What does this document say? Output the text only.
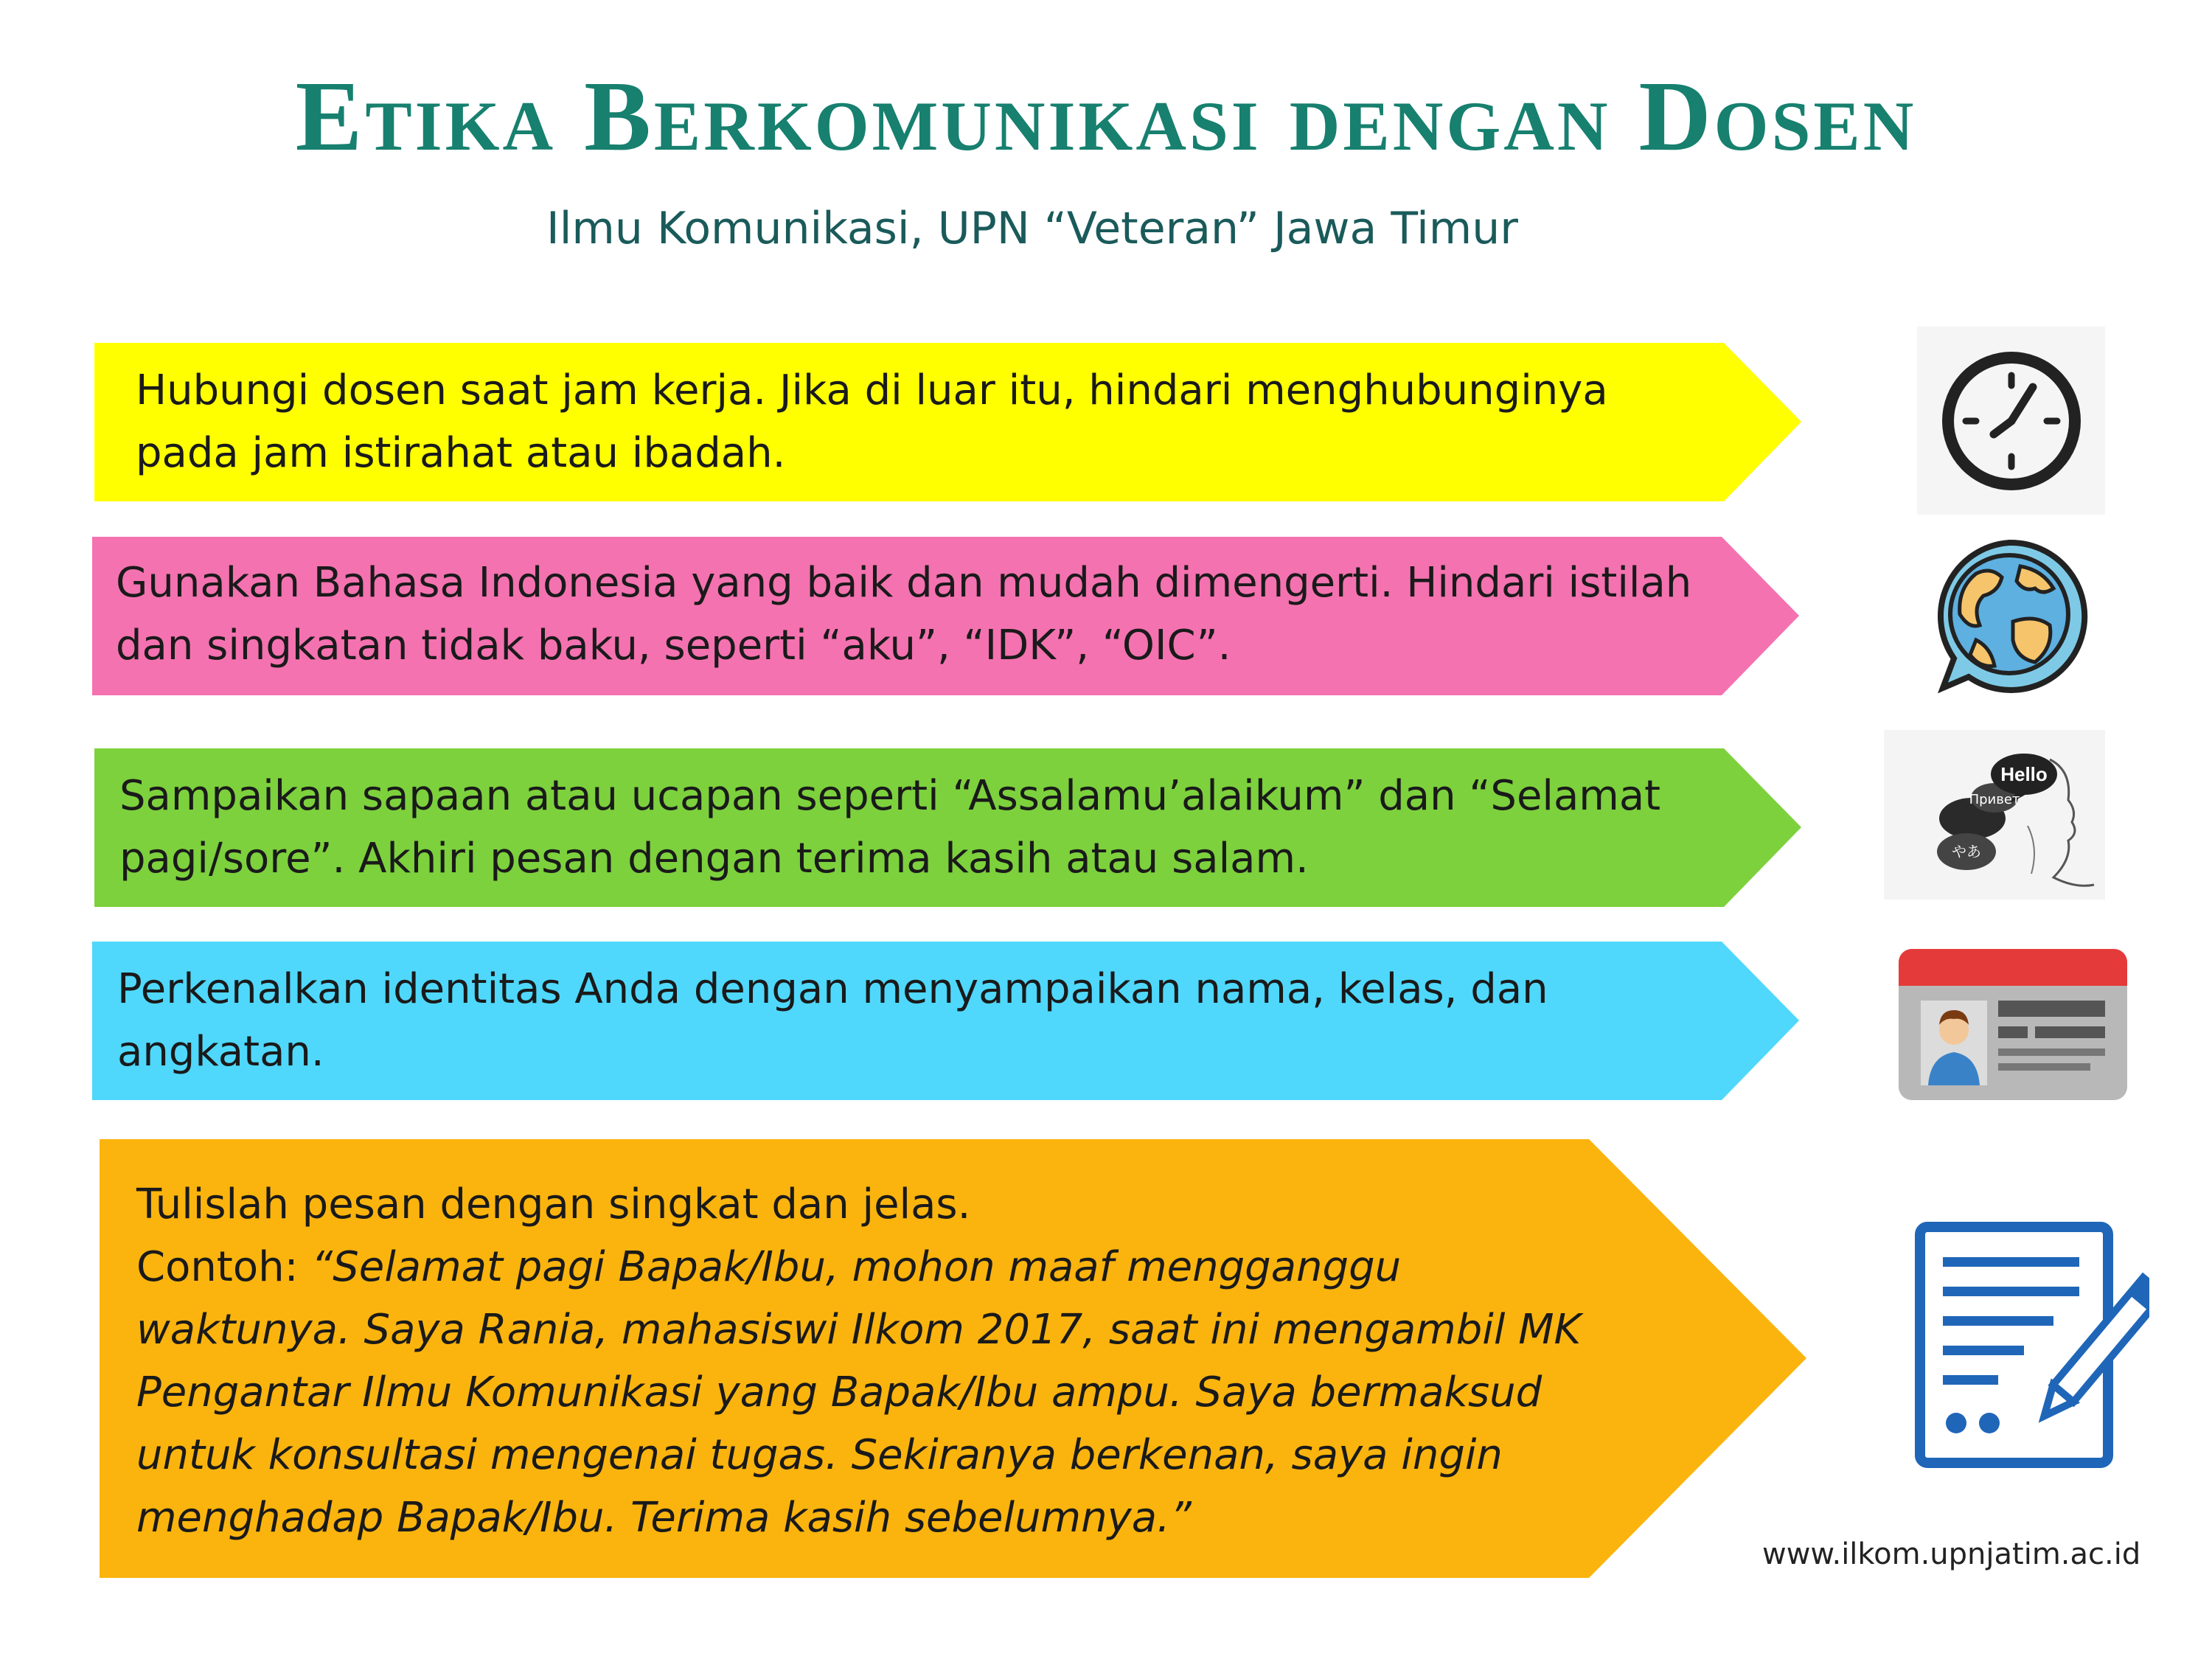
Etika Berkomunikasi dengan Dosen
Ilmu Komunikasi, UPN “Veteran” Jawa Timur
Hubungi dosen saat jam kerja. Jika di luar itu, hindari menghubunginya pada jam istirahat atau ibadah.
Gunakan Bahasa Indonesia yang baik dan mudah dimengerti. Hindari istilah dan singkatan tidak baku, seperti “aku”, “IDK”, “OIC”.
Sampaikan sapaan atau ucapan seperti “Assalamu’alaikum” dan “Selamat pagi/sore”. Akhiri pesan dengan terima kasih atau salam.
Perkenalkan identitas Anda dengan menyampaikan nama, kelas, dan angkatan.
Tulislah pesan dengan singkat dan jelas.
Contoh: “Selamat pagi Bapak/Ibu, mohon maaf mengganggu waktunya. Saya Rania, mahasiswi Ilkom 2017, saat ini mengambil MK Pengantar Ilmu Komunikasi yang Bapak/Ibu ampu. Saya bermaksud untuk konsultasi mengenai tugas. Sekiranya berkenan, saya ingin menghadap Bapak/Ibu. Terima kasih sebelumnya.”
Hello
Привет
やあ
www.ilkom.upnjatim.ac.id
